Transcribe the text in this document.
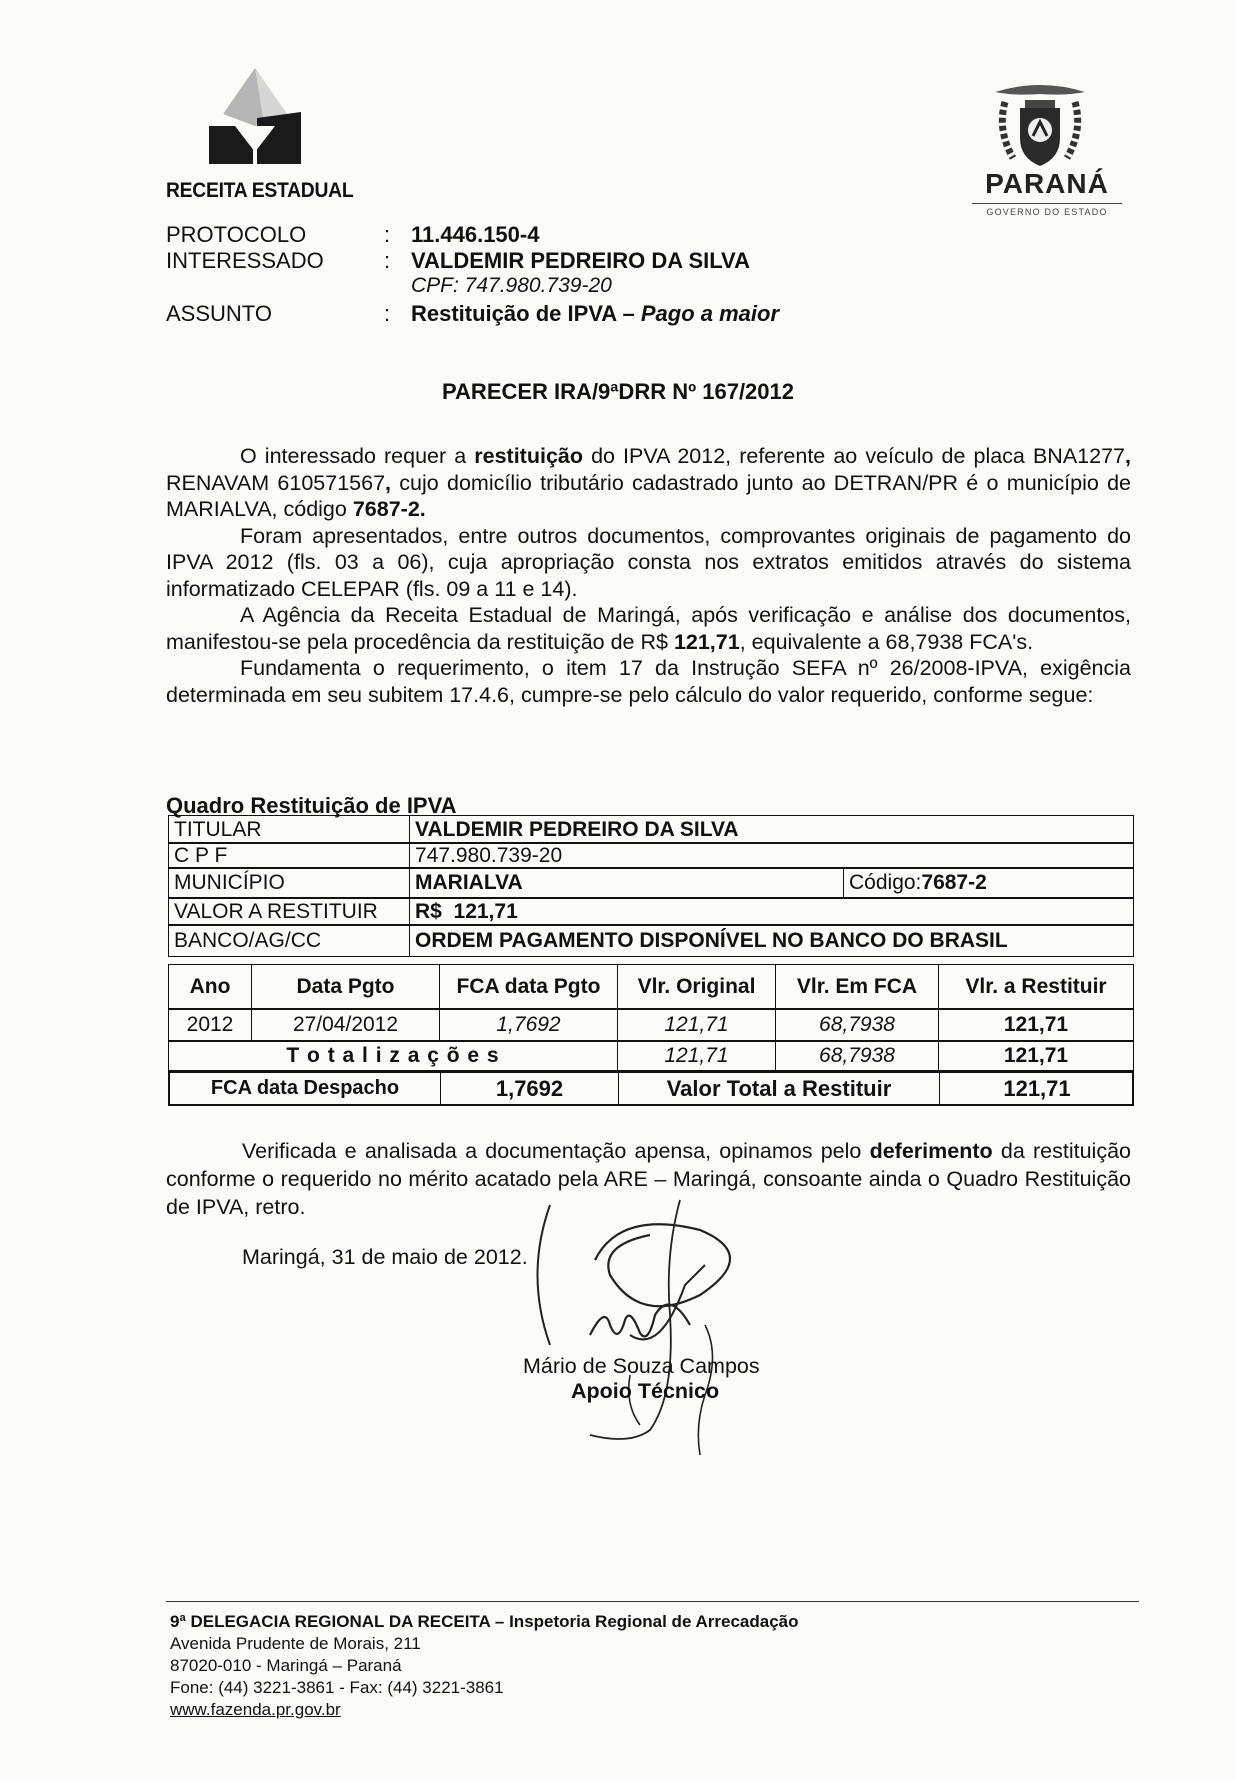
RECEITA ESTADUAL	PARANÁ
GOVERNO DO ESTADO
PROTOCOLO	: 11.446.150-4
INTERESSADO	: VALDEMIR PEDREIRO DA SILVA
CPF: 747.980.739-20
ASSUNTO	: Restituição de IPVA – Pago a maior
PARECER IRA/9ªDRR Nº 167/2012

O interessado requer a restituição do IPVA 2012, referente ao veículo de placa BNA1277, RENAVAM 610571567, cujo domicílio tributário cadastrado junto ao DETRAN/PR é o município de MARIALVA, código 7687-2.

Foram apresentados, entre outros documentos, comprovantes originais de pagamento do IPVA 2012 (fls. 03 a 06), cuja apropriação consta nos extratos emitidos através do sistema informatizado CELEPAR (fls. 09 a 11 e 14).

A Agência da Receita Estadual de Maringá, após verificação e análise dos documentos, manifestou-se pela procedência da restituição de R$ 121,71, equivalente a 68,7938 FCA's.

Fundamenta o requerimento, o item 17 da Instrução SEFA nº 26/2008-IPVA, exigência determinada em seu subitem 17.4.6, cumpre-se pelo cálculo do valor requerido, conforme segue:

Quadro Restituição de IPVA
TITULAR	VALDEMIR PEDREIRO DA SILVA
C P F	747.980.739-20
MUNICÍPIO	MARIALVA	Código: 7687-2
VALOR A RESTITUIR	R$  121,71
BANCO/AG/CC	ORDEM PAGAMENTO DISPONÍVEL NO BANCO DO BRASIL
Ano	Data Pgto	FCA data Pgto	Vlr. Original	Vlr. Em FCA	Vlr. a Restituir
2012	27/04/2012	1,7692	121,71	68,7938	121,71
T o t a l i z a ç õ e s	121,71	68,7938	121,71
FCA data Despacho	1,7692	Valor Total a Restituir	121,71

Verificada e analisada a documentação apensa, opinamos pelo deferimento da restituição conforme o requerido no mérito acatado pela ARE – Maringá, consoante ainda o Quadro Restituição de IPVA, retro.

Maringá, 31 de maio de 2012.
Mário de Souza Campos
Apoio Técnico
9ª DELEGACIA REGIONAL DA RECEITA – Inspetoria Regional de Arrecadação
Avenida Prudente de Morais, 211
87020-010 - Maringá – Paraná
Fone: (44) 3221-3861 - Fax: (44) 3221-3861
www.fazenda.pr.gov.br
